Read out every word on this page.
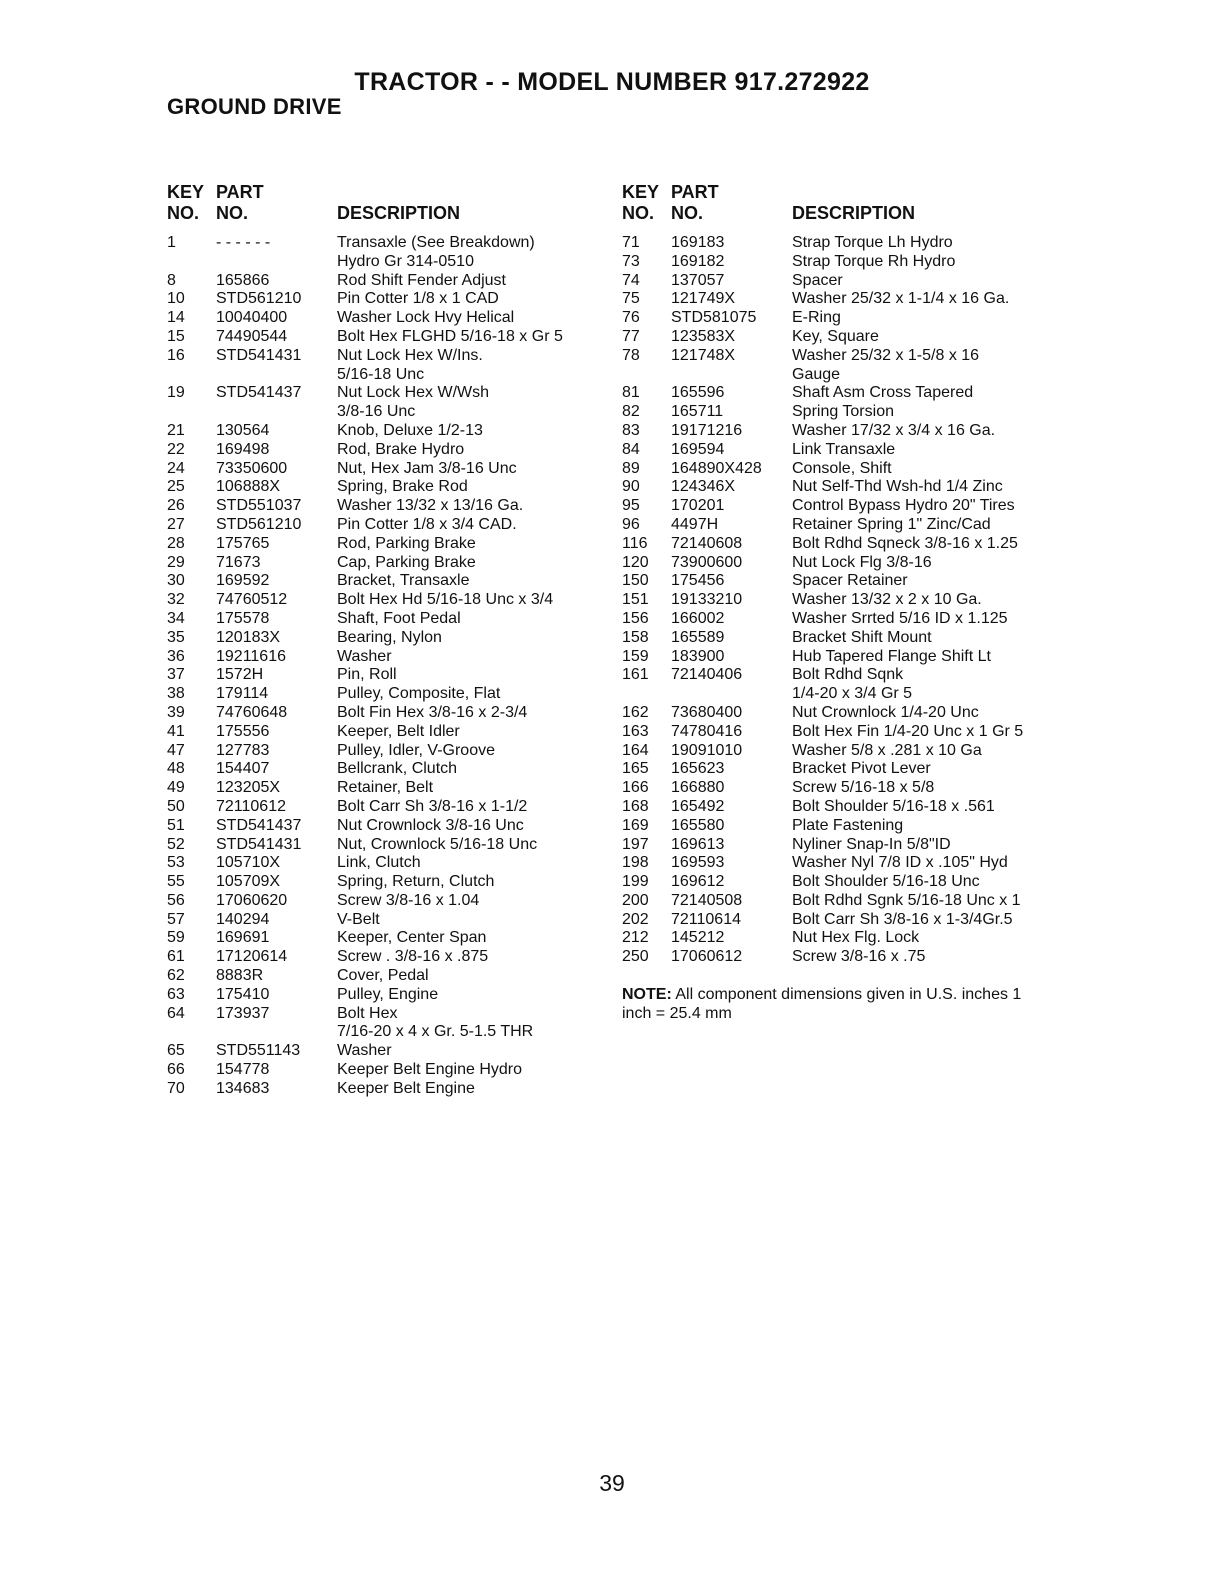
TRACTOR - - MODEL NUMBER 917.272922
GROUND DRIVE
KEY
NO.
PART
NO.	DESCRIPTION
1	- - - - - -	Transaxle (See Breakdown)
Hydro Gr 314-0510
8	165866	Rod Shift Fender Adjust
10	STD561210	Pin Cotter 1/8 x 1 CAD
14	10040400	Washer Lock Hvy Helical
15	74490544	Bolt Hex FLGHD 5/16-18 x Gr 5
16	STD541431	Nut Lock Hex W/Ins.
5/16-18 Unc
19	STD541437	Nut Lock Hex W/Wsh
3/8-16 Unc
21	130564	Knob, Deluxe 1/2-13
22	169498	Rod, Brake Hydro
24	73350600	Nut, Hex Jam 3/8-16 Unc
25	106888X	Spring, Brake Rod
26	STD551037	Washer 13/32 x 13/16 Ga.
27	STD561210	Pin Cotter 1/8 x 3/4 CAD.
28	175765	Rod, Parking Brake
29	71673	Cap, Parking Brake
30	169592	Bracket, Transaxle
32	74760512	Bolt Hex Hd 5/16-18 Unc x 3/4
34	175578	Shaft, Foot Pedal
35	120183X	Bearing, Nylon
36	19211616	Washer
37	1572H	Pin, Roll
38	179114	Pulley, Composite, Flat
39	74760648	Bolt Fin Hex 3/8-16 x 2-3/4
41	175556	Keeper, Belt Idler
47	127783	Pulley, Idler, V-Groove
48	154407	Bellcrank, Clutch
49	123205X	Retainer, Belt
50	72110612	Bolt Carr Sh 3/8-16 x 1-1/2
51	STD541437	Nut Crownlock 3/8-16 Unc
52	STD541431	Nut, Crownlock 5/16-18 Unc
53	105710X	Link, Clutch
55	105709X	Spring, Return, Clutch
56	17060620	Screw 3/8-16 x 1.04
57	140294	V-Belt
59	169691	Keeper, Center Span
61	17120614	Screw . 3/8-16 x .875
62	8883R	Cover, Pedal
63	175410	Pulley, Engine
64	173937	Bolt Hex
7/16-20 x 4 x Gr. 5-1.5 THR
65	STD551143	Washer
66	154778	Keeper Belt Engine Hydro
70	134683	Keeper Belt Engine
KEY
NO.
PART
NO.	DESCRIPTION
71	169183	Strap Torque Lh Hydro
73	169182	Strap Torque Rh Hydro
74	137057	Spacer
75	121749X	Washer 25/32 x 1-1/4 x 16 Ga.
76	STD581075	E-Ring
77	123583X	Key, Square
78	121748X	Washer 25/32 x 1-5/8 x 16
Gauge
81	165596	Shaft Asm Cross Tapered
82	165711	Spring Torsion
83	19171216	Washer 17/32 x 3/4 x 16 Ga.
84	169594	Link Transaxle
89	164890X428	Console, Shift
90	124346X	Nut Self-Thd Wsh-hd 1/4 Zinc
95	170201	Control Bypass Hydro 20" Tires
96	4497H	Retainer Spring 1" Zinc/Cad
116	72140608	Bolt Rdhd Sqneck 3/8-16 x 1.25
120	73900600	Nut Lock Flg 3/8-16
150	175456	Spacer Retainer
151	19133210	Washer 13/32 x 2 x 10 Ga.
156	166002	Washer Srrted 5/16 ID x 1.125
158	165589	Bracket Shift Mount
159	183900	Hub Tapered Flange Shift Lt
161	72140406	Bolt Rdhd Sqnk
1/4-20 x 3/4 Gr 5
162	73680400	Nut Crownlock 1/4-20 Unc
163	74780416	Bolt Hex Fin 1/4-20 Unc x 1 Gr 5
164	19091010	Washer 5/8 x .281 x 10 Ga
165	165623	Bracket Pivot Lever
166	166880	Screw 5/16-18 x 5/8
168	165492	Bolt Shoulder 5/16-18 x .561
169	165580	Plate Fastening
197	169613	Nyliner Snap-In 5/8"ID
198	169593	Washer Nyl 7/8 ID x .105" Hyd
199	169612	Bolt Shoulder 5/16-18 Unc
200	72140508	Bolt Rdhd Sgnk 5/16-18 Unc x 1
202	72110614	Bolt Carr Sh 3/8-16 x 1-3/4Gr.5
212	145212	Nut Hex Flg. Lock
250	17060612	Screw 3/8-16 x .75
NOTE: All component dimensions given in U.S. inches 1 inch = 25.4 mm
39
